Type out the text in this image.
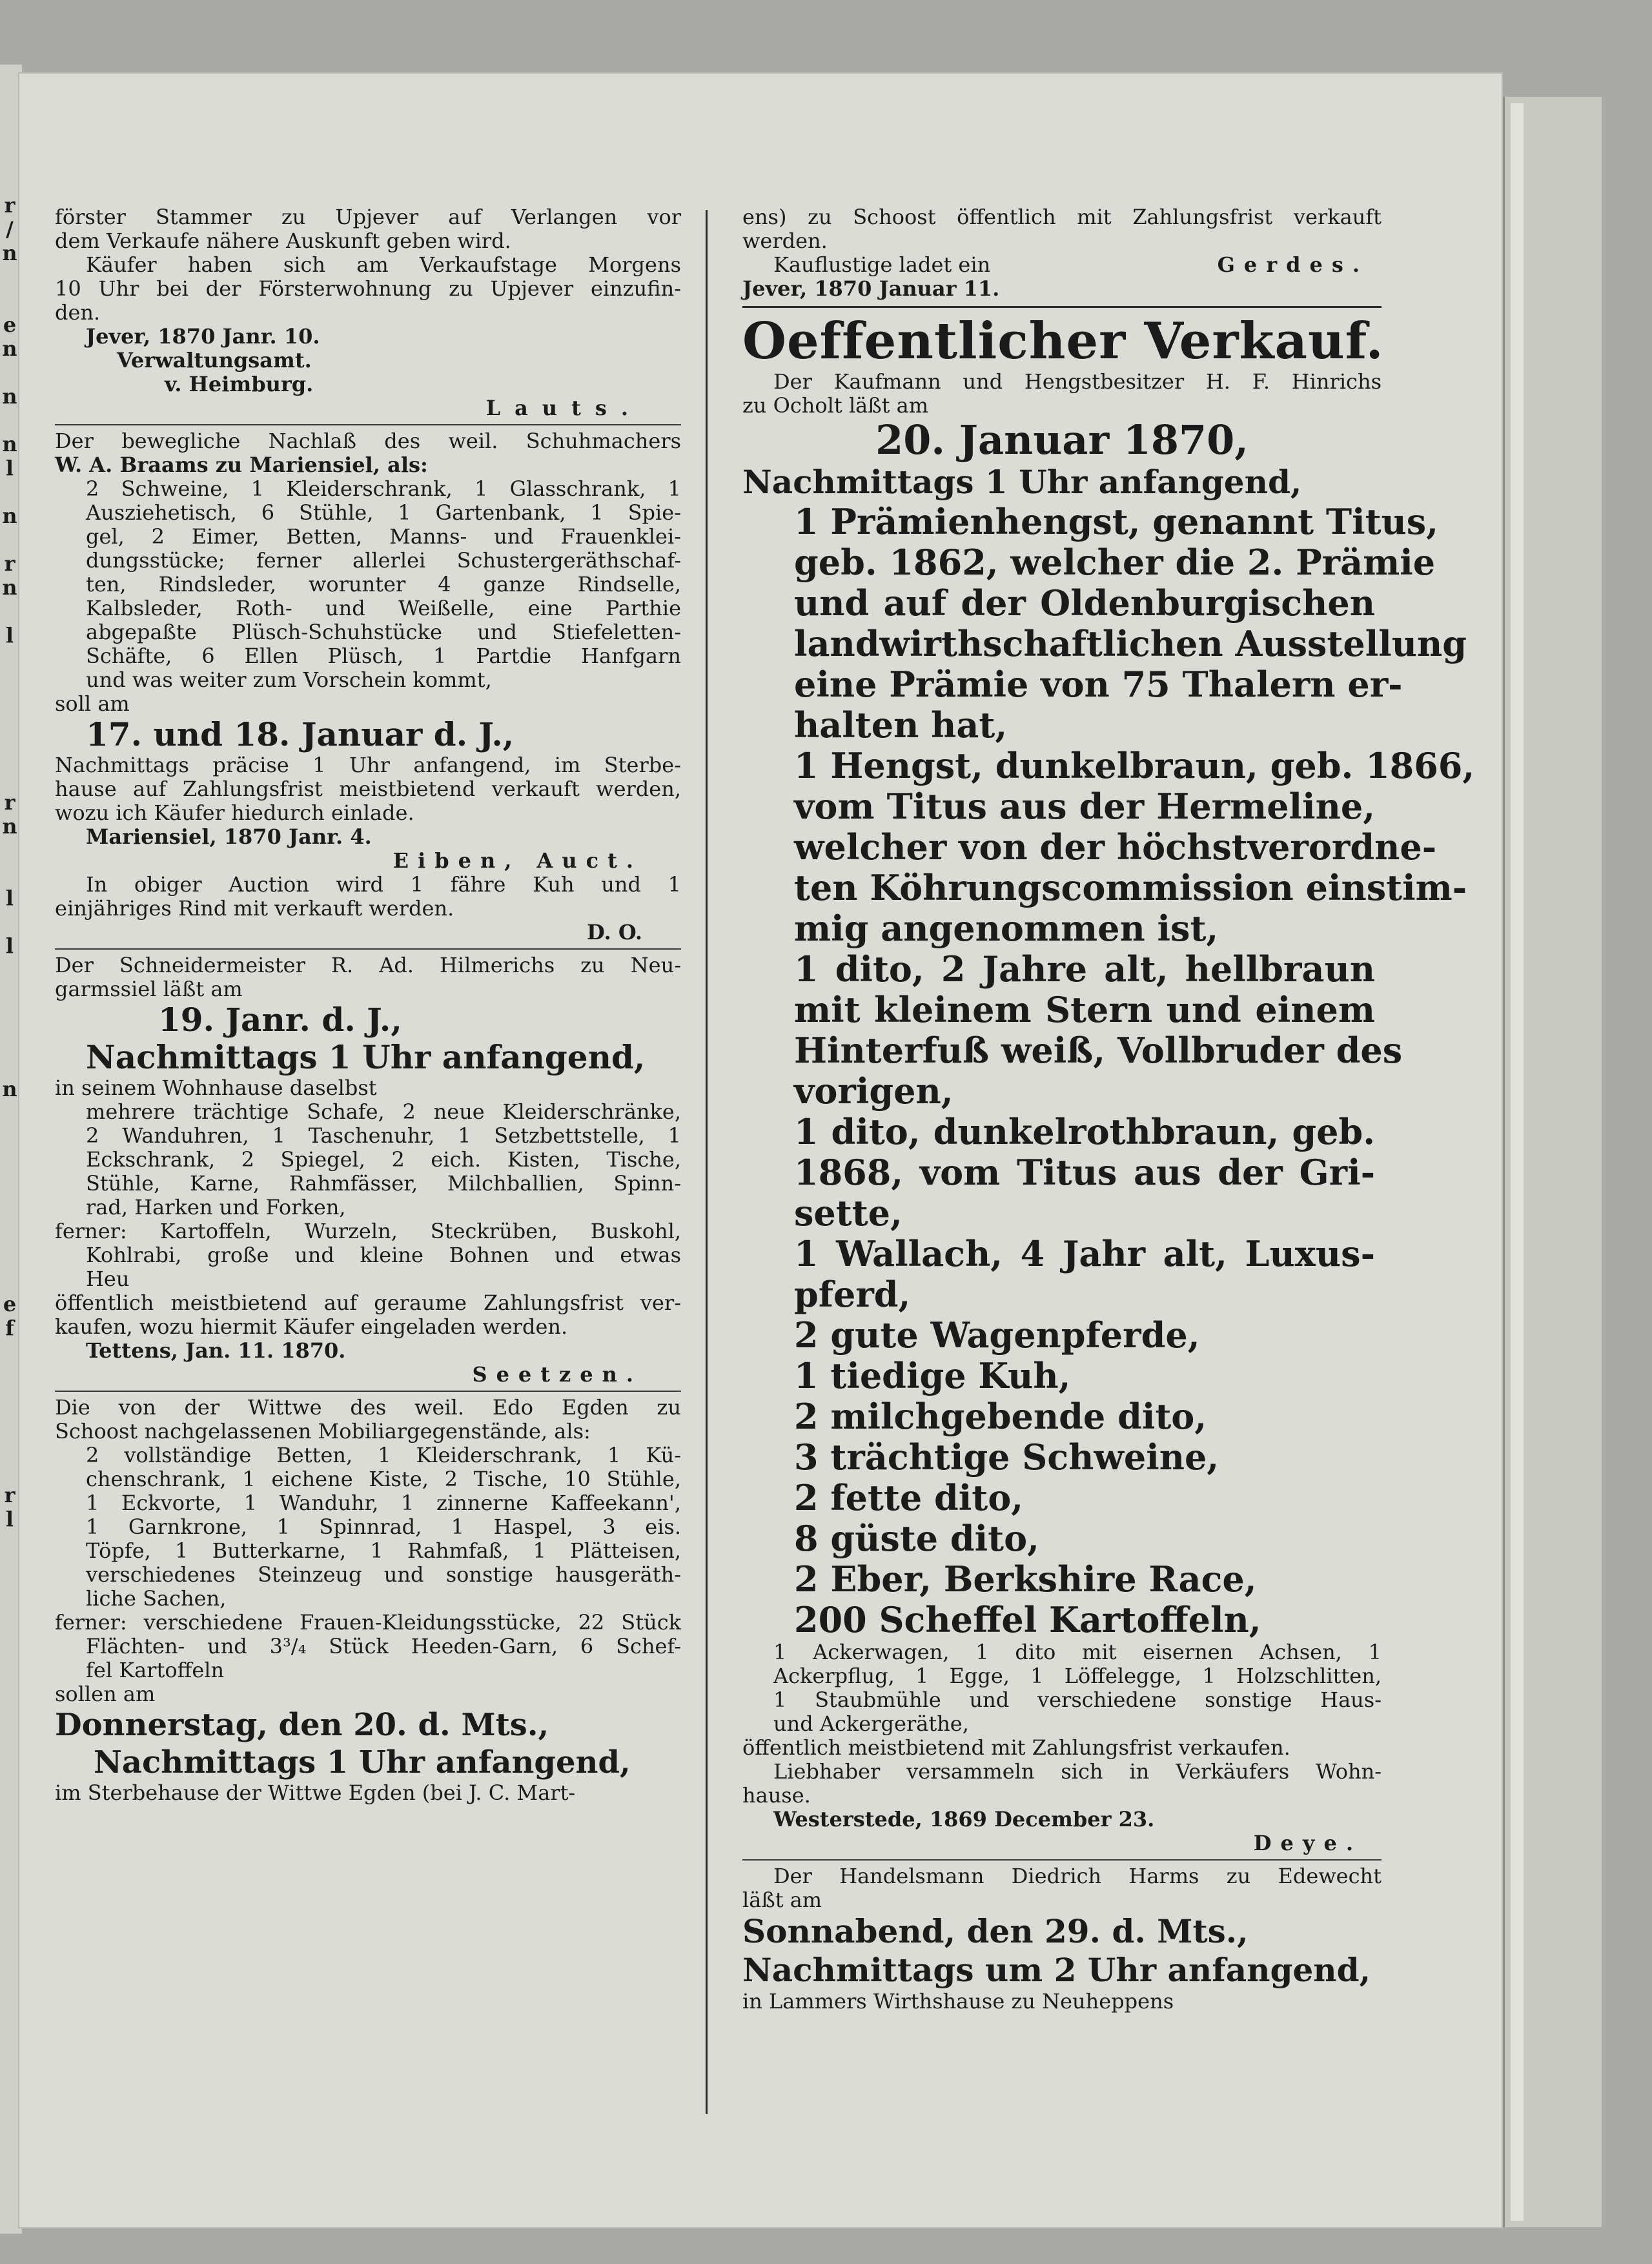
r
/
n

e
n

n

n
l

n

r
n

l

r
n

l

l

n

e
f

r
l
förster Stammer zu Upjever auf Verlangen vor
dem Verkaufe nähere Auskunft geben wird.
Käufer haben sich am Verkaufstage Morgens
10 Uhr bei der Försterwohnung zu Upjever einzufin-
den.
Jever, 1870 Janr. 10.
Verwaltungsamt.
v. Heimburg.
Lauts.
Der bewegliche Nachlaß des weil. Schuhmachers
W. A. Braams zu Mariensiel, als:
2 Schweine, 1 Kleiderschrank, 1 Glasschrank, 1
Ausziehetisch, 6 Stühle, 1 Gartenbank, 1 Spie-
gel, 2 Eimer, Betten, Manns- und Frauenklei-
dungsstücke; ferner allerlei Schustergeräthschaf-
ten, Rindsleder, worunter 4 ganze Rindselle,
Kalbsleder, Roth- und Weißelle, eine Parthie
abgepaßte Plüsch-Schuhstücke und Stiefeletten-
Schäfte, 6 Ellen Plüsch, 1 Partdie Hanfgarn
und was weiter zum Vorschein kommt,
soll am
17. und 18. Januar d. J.,
Nachmittags präcise 1 Uhr anfangend, im Sterbe-
hause auf Zahlungsfrist meistbietend verkauft werden,
wozu ich Käufer hiedurch einlade.
Mariensiel, 1870 Janr. 4.
Eiben, Auct.
In obiger Auction wird 1 fähre Kuh und 1
einjähriges Rind mit verkauft werden.
D. O.
Der Schneidermeister R. Ad. Hilmerichs zu Neu-
garmssiel läßt am
19. Janr. d. J.,
Nachmittags 1 Uhr anfangend,
in seinem Wohnhause daselbst
mehrere trächtige Schafe, 2 neue Kleiderschränke,
2 Wanduhren, 1 Taschenuhr, 1 Setzbettstelle, 1
Eckschrank, 2 Spiegel, 2 eich. Kisten, Tische,
Stühle, Karne, Rahmfässer, Milchballien, Spinn-
rad, Harken und Forken,
ferner: Kartoffeln, Wurzeln, Steckrüben, Buskohl,
Kohlrabi, große und kleine Bohnen und etwas
Heu
öffentlich meistbietend auf geraume Zahlungsfrist ver-
kaufen, wozu hiermit Käufer eingeladen werden.
Tettens, Jan. 11. 1870.
Seetzen.
Die von der Wittwe des weil. Edo Egden zu
Schoost nachgelassenen Mobiliargegenstände, als:
2 vollständige Betten, 1 Kleiderschrank, 1 Kü-
chenschrank, 1 eichene Kiste, 2 Tische, 10 Stühle,
1 Eckvorte, 1 Wanduhr, 1 zinnerne Kaffeekann',
1 Garnkrone, 1 Spinnrad, 1 Haspel, 3 eis.
Töpfe, 1 Butterkarne, 1 Rahmfaß, 1 Plätteisen,
verschiedenes Steinzeug und sonstige hausgeräth-
liche Sachen,
ferner: verschiedene Frauen-Kleidungsstücke, 22 Stück
Flächten- und 3³/₄ Stück Heeden-Garn, 6 Schef-
fel Kartoffeln
sollen am
Donnerstag, den 20. d. Mts.,
Nachmittags 1 Uhr anfangend,
im Sterbehause der Wittwe Egden (bei J. C. Mart-
ens) zu Schoost öffentlich mit Zahlungsfrist verkauft
werden.
Kauflustige ladet ein	Gerdes.
Jever, 1870 Januar 11.
Oeffentlicher Verkauf.
Der Kaufmann und Hengstbesitzer H. F. Hinrichs
zu Ocholt läßt am
20. Januar 1870,
Nachmittags 1 Uhr anfangend,
1 Prämienhengst, genannt Titus,
geb. 1862, welcher die 2. Prämie
und auf der Oldenburgischen
landwirthschaftlichen Ausstellung
eine Prämie von 75 Thalern er-
halten hat,
1 Hengst, dunkelbraun, geb. 1866,
vom Titus aus der Hermeline,
welcher von der höchstverordne-
ten Köhrungscommission einstim-
mig angenommen ist,
1 dito, 2 Jahre alt, hellbraun
mit kleinem Stern und einem
Hinterfuß weiß, Vollbruder des
vorigen,
1 dito, dunkelrothbraun, geb.
1868, vom Titus aus der Gri-
sette,
1 Wallach, 4 Jahr alt, Luxus-
pferd,
2 gute Wagenpferde,
1 tiedige Kuh,
2 milchgebende dito,
3 trächtige Schweine,
2 fette dito,
8 güste dito,
2 Eber, Berkshire Race,
200 Scheffel Kartoffeln,
1 Ackerwagen, 1 dito mit eisernen Achsen, 1
Ackerpflug, 1 Egge, 1 Löffelegge, 1 Holzschlitten,
1 Staubmühle und verschiedene sonstige Haus-
und Ackergeräthe,
öffentlich meistbietend mit Zahlungsfrist verkaufen.
Liebhaber versammeln sich in Verkäufers Wohn-
hause.
Westerstede, 1869 December 23.
Deye.
Der Handelsmann Diedrich Harms zu Edewecht
läßt am
Sonnabend, den 29. d. Mts.,
Nachmittags um 2 Uhr anfangend,
in Lammers Wirthshause zu Neuheppens
